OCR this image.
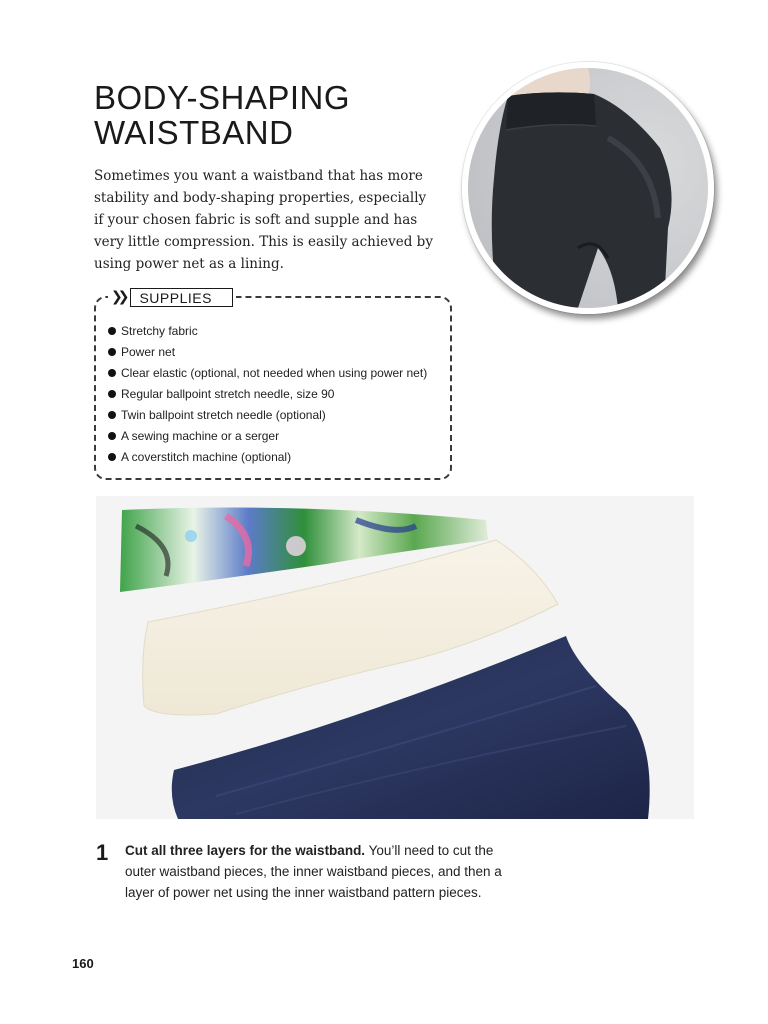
BODY-SHAPING
WAISTBAND

Sometimes you want a waistband that has more stability and body-shaping properties, especially if your chosen fabric is soft and supple and has very little compression. This is easily achieved by using power net as a lining.

❯❯	SUPPLIES
Stretchy fabric
Power net
Clear elastic (optional, not needed when using power net)
Regular ballpoint stretch needle, size 90
Twin ballpoint stretch needle (optional)
A sewing machine or a serger
A coverstitch machine (optional)
1 Cut all three layers for the waistband. You’ll need to cut the outer waistband pieces, the inner waistband pieces, and then a layer of power net using the inner waistband pattern pieces.

160
